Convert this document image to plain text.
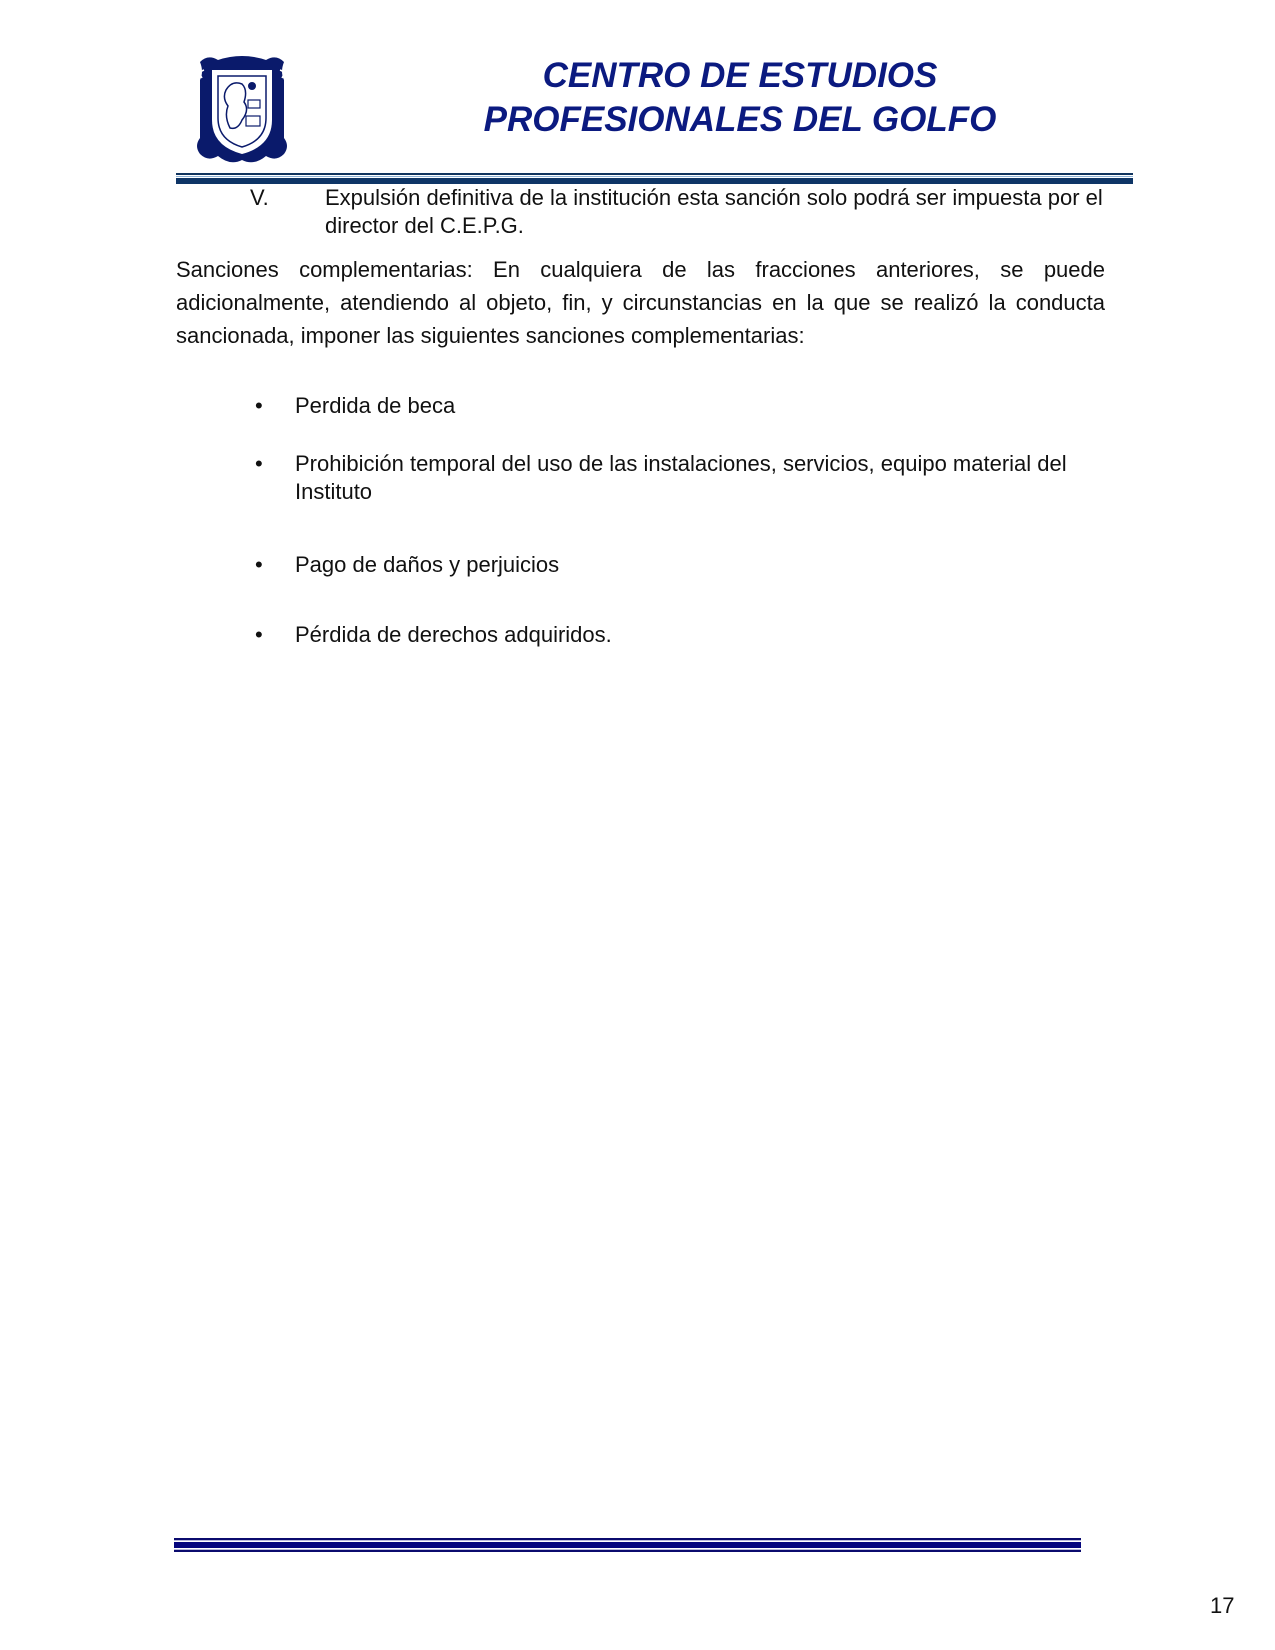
CENTRO DE ESTUDIOS
PROFESIONALES DEL GOLFO
V.	Expulsión definitiva de la institución esta sanción solo podrá ser impuesta por el director del C.E.P.G.
Sanciones complementarias: En cualquiera de las fracciones anteriores, se puede adicionalmente, atendiendo al objeto, fin, y circunstancias en la que se realizó la conducta sancionada, imponer las siguientes sanciones complementarias:
• Perdida de beca
• Prohibición temporal del uso de las instalaciones, servicios, equipo material del Instituto
• Pago de daños y perjuicios
• Pérdida de derechos adquiridos.
17
